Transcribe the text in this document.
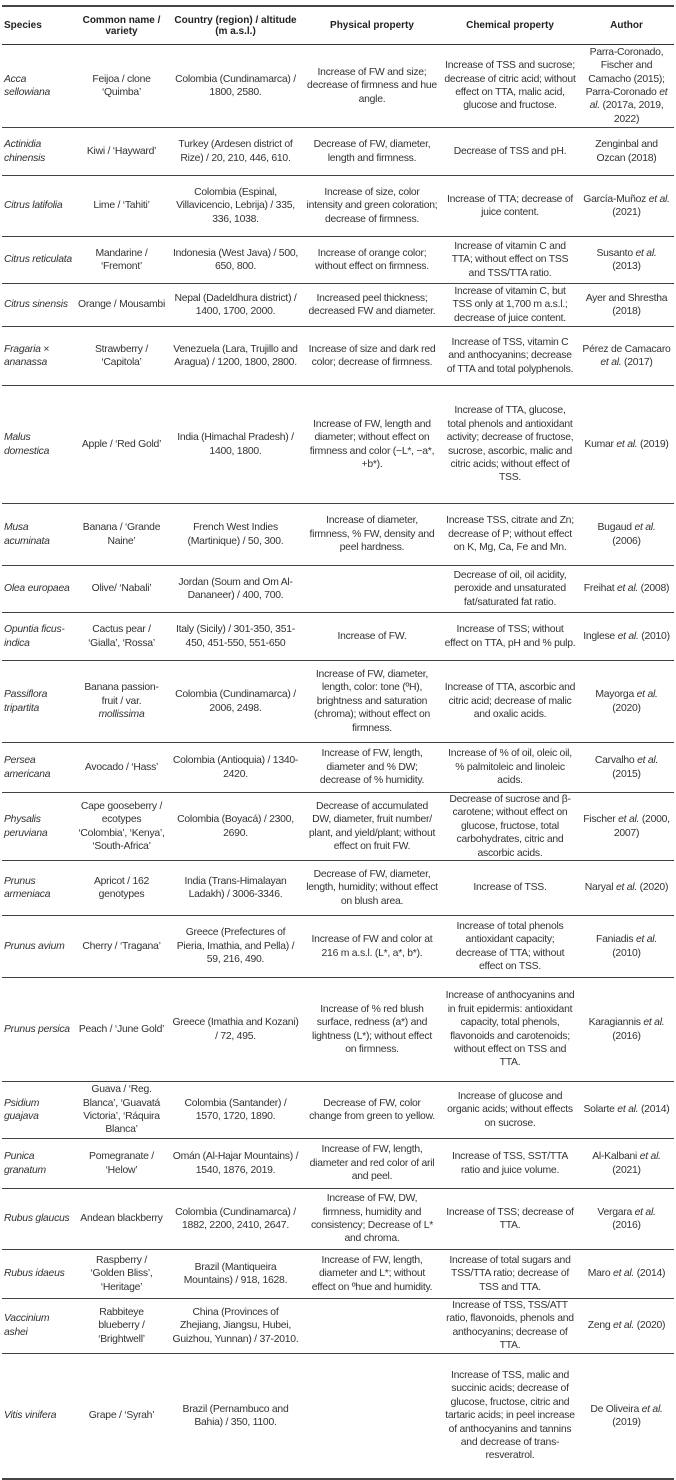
Species	Common name / variety	Country (region) / altitude (m a.s.l.)	Physical property	Chemical property	Author
Acca sellowiana	Feijoa / clone ‘Quimba’	Colombia (Cundinamarca) / 1800, 2580.	Increase of FW and size; decrease of firmness and hue angle.	Increase of TSS and sucrose; decrease of citric acid; without effect on TTA, malic acid, glucose and fructose.	Parra-Coronado, Fischer and Camacho (2015); Parra-Coronado et al. (2017a, 2019, 2022)
Actinidia chinensis	Kiwi / ‘Hayward’	Turkey (Ardesen district of Rize) / 20, 210, 446, 610.	Decrease of FW, diameter, length and firmness.	Decrease of TSS and pH.	Zenginbal and Ozcan (2018)
Citrus latifolia	Lime / ‘Tahiti’	Colombia (Espinal, Villavicencio, Lebrija) / 335, 336, 1038.	Increase of size, color intensity and green coloration; decrease of firmness.	Increase of TTA; decrease of juice content.	García-Muñoz et al. (2021)
Citrus reticulata	Mandarine / ‘Fremont’	Indonesia (West Java) / 500, 650, 800.	Increase of orange color; without effect on firmness.	Increase of vitamin C and TTA; without effect on TSS and TSS/TTA ratio.	Susanto et al. (2013)
Citrus sinensis	Orange / Mousambi	Nepal (Dadeldhura district) / 1400, 1700, 2000.	Increased peel thickness; decreased FW and diameter.	Increase of vitamin C, but TSS only at 1,700 m a.s.l.; decrease of juice content.	Ayer and Shrestha (2018)
Fragaria × ananassa	Strawberry / ‘Capitola’	Venezuela (Lara, Trujillo and Aragua) / 1200, 1800, 2800.	Increase of size and dark red color; decrease of firmness.	Increase of TSS, vitamin C and anthocyanins; decrease of TTA and total polyphenols.	Pérez de Camacaro et al. (2017)
Malus domestica	Apple / ‘Red Gold’	India (Himachal Pradesh) / 1400, 1800.	Increase of FW, length and diameter; without effect on firmness and color (−L*, −a*, +b*).	Increase of TTA, glucose, total phenols and antioxidant activity; decrease of fructose, sucrose, ascorbic, malic and citric acids; without effect of TSS.	Kumar et al. (2019)
Musa acuminata	Banana / ‘Grande Naine’	French West Indies (Martinique) / 50, 300.	Increase of diameter, firmness, % FW, density and peel hardness.	Increase TSS, citrate and Zn; decrease of P; without effect on K, Mg, Ca, Fe and Mn.	Bugaud et al. (2006)
Olea europaea	Olive/ ‘Nabali’	Jordan (Soum and Om Al-Dananeer) / 400, 700.		Decrease of oil, oil acidity, peroxide and unsaturated fat/saturated fat ratio.	Freihat et al. (2008)
Opuntia ficus-indica	Cactus pear / ‘Gialla’, ‘Rossa’	Italy (Sicily) / 301-350, 351-450, 451-550, 551-650	Increase of FW.	Increase of TSS; without effect on TTA, pH and % pulp.	Inglese et al. (2010)
Passiflora tripartita	Banana passion-fruit / var. mollissima	Colombia (Cundinamarca) / 2006, 2498.	Increase of FW, diameter, length, color: tone (ºH), brightness and saturation (chroma); without effect on firmness.	Increase of TTA, ascorbic and citric acid; decrease of malic and oxalic acids.	Mayorga et al. (2020)
Persea americana	Avocado / ‘Hass’	Colombia (Antioquia) / 1340-2420.	Increase of FW, length, diameter and % DW; decrease of % humidity.	Increase of % of oil, oleic oil, % palmitoleic and linoleic acids.	Carvalho et al. (2015)
Physalis peruviana	Cape gooseberry / ecotypes ‘Colombia’, ‘Kenya’, ‘South-Africa’	Colombia (Boyacá) / 2300, 2690.	Decrease of accumulated DW, diameter, fruit number/ plant, and yield/plant; without effect on fruit FW.	Decrease of sucrose and β-carotene; without effect on glucose, fructose, total carbohydrates, citric and ascorbic acids.	Fischer et al. (2000, 2007)
Prunus armeniaca	Apricot / 162 genotypes	India (Trans-Himalayan Ladakh) / 3006-3346.	Decrease of FW, diameter, length, humidity; without effect on blush area.	Increase of TSS.	Naryal et al. (2020)
Prunus avium	Cherry / ‘Tragana’	Greece (Prefectures of Pieria, Imathia, and Pella) / 59, 216, 490.	Increase of FW and color at 216 m a.s.l. (L*, a*, b*).	Increase of total phenols antioxidant capacity; decrease of TTA; without effect on TSS.	Faniadis et al. (2010)
Prunus persica	Peach / ‘June Gold’	Greece (Imathia and Kozani) / 72, 495.	Increase of % red blush surface, redness (a*) and lightness (L*); without effect on firmness.	Increase of anthocyanins and in fruit epidermis: antioxidant capacity, total phenols, flavonoids and carotenoids; without effect on TSS and TTA.	Karagiannis et al. (2016)
Psidium guajava	Guava / ‘Reg. Blanca’, ‘Guavatá Victoria’, ‘Ráquira Blanca’	Colombia (Santander) / 1570, 1720, 1890.	Decrease of FW, color change from green to yellow.	Increase of glucose and organic acids; without effects on sucrose.	Solarte et al. (2014)
Punica granatum	Pomegranate / ‘Helow’	Omán (Al-Hajar Mountains) / 1540, 1876, 2019.	Increase of FW, length, diameter and red color of aril and peel.	Increase of TSS, SST/TTA ratio and juice volume.	Al-Kalbani et al. (2021)
Rubus glaucus	Andean blackberry	Colombia (Cundinamarca) / 1882, 2200, 2410, 2647.	Increase of FW, DW, firmness, humidity and consistency; Decrease of L* and chroma.	Increase of TSS; decrease of TTA.	Vergara et al. (2016)
Rubus idaeus	Raspberry / ‘Golden Bliss’, ‘Heritage’	Brazil (Mantiqueira Mountains) / 918, 1628.	Increase of FW, length, diameter and L*; without effect on ºhue and humidity.	Increase of total sugars and TSS/TTA ratio; decrease of TSS and TTA.	Maro et al. (2014)
Vaccinium ashei	Rabbiteye blueberry / ‘Brightwell’	China (Provinces of Zhejiang, Jiangsu, Hubei, Guizhou, Yunnan) / 37-2010.		Increase of TSS, TSS/ATT ratio, flavonoids, phenols and anthocyanins; decrease of TTA.	Zeng et al. (2020)
Vitis vinifera	Grape / ‘Syrah’	Brazil (Pernambuco and Bahia) / 350, 1100.		Increase of TSS, malic and succinic acids; decrease of glucose, fructose, citric and tartaric acids; in peel increase of anthocyanins and tannins and decrease of trans-resveratrol.	De Oliveira et al. (2019)
